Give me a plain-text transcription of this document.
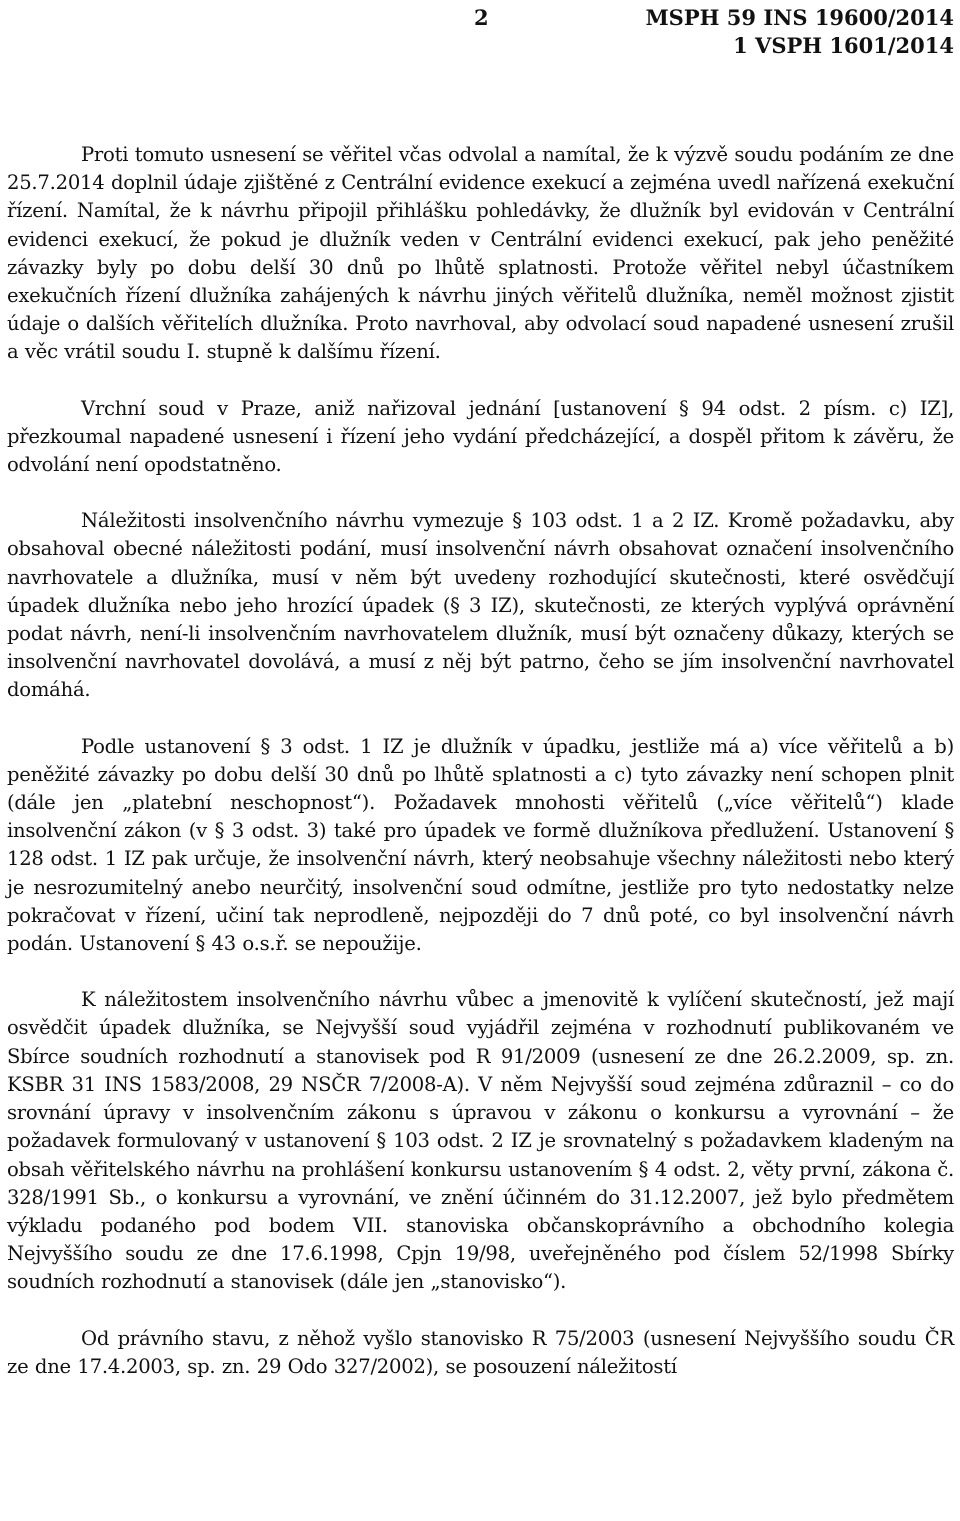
2	MSPH 59 INS 19600/2014
1 VSPH 1601/2014

Proti tomuto usnesení se věřitel včas odvolal a namítal, že k výzvě soudu podáním ze dne 25.7.2014 doplnil údaje zjištěné z Centrální evidence exekucí a zejména uvedl nařízená exekuční řízení. Namítal, že k návrhu připojil přihlášku pohledávky, že dlužník byl evidován v Centrální evidenci exekucí, že pokud je dlužník veden v Centrální evidenci exekucí, pak jeho peněžité závazky byly po dobu delší 30 dnů po lhůtě splatnosti. Protože věřitel nebyl účastníkem exekučních řízení dlužníka zahájených k návrhu jiných věřitelů dlužníka, neměl možnost zjistit údaje o dalších věřitelích dlužníka. Proto navrhoval, aby odvolací soud napadené usnesení zrušil a věc vrátil soudu I. stupně k dalšímu řízení.

Vrchní soud v Praze, aniž nařizoval jednání [ustanovení § 94 odst. 2 písm. c) IZ], přezkoumal napadené usnesení i řízení jeho vydání předcházející, a dospěl přitom k závěru, že odvolání není opodstatněno.

Náležitosti insolvenčního návrhu vymezuje § 103 odst. 1 a 2 IZ. Kromě požadavku, aby obsahoval obecné náležitosti podání, musí insolvenční návrh obsahovat označení insolvenčního navrhovatele a dlužníka, musí v něm být uvedeny rozhodující skutečnosti, které osvědčují úpadek dlužníka nebo jeho hrozící úpadek (§ 3 IZ), skutečnosti, ze kterých vyplývá oprávnění podat návrh, není-li insolvenčním navrhovatelem dlužník, musí být označeny důkazy, kterých se insolvenční navrhovatel dovolává, a musí z něj být patrno, čeho se jím insolvenční navrhovatel domáhá.

Podle ustanovení § 3 odst. 1 IZ je dlužník v úpadku, jestliže má a) více věřitelů a b) peněžité závazky po dobu delší 30 dnů po lhůtě splatnosti a c) tyto závazky není schopen plnit (dále jen „platební neschopnost“). Požadavek mnohosti věřitelů („více věřitelů“) klade insolvenční zákon (v § 3 odst. 3) také pro úpadek ve formě dlužníkova předlužení. Ustanovení § 128 odst. 1 IZ pak určuje, že insolvenční návrh, který neobsahuje všechny náležitosti nebo který je nesrozumitelný anebo neurčitý, insolvenční soud odmítne, jestliže pro tyto nedostatky nelze pokračovat v řízení, učiní tak neprodleně, nejpozději do 7 dnů poté, co byl insolvenční návrh podán. Ustanovení § 43 o.s.ř. se nepoužije.

K náležitostem insolvenčního návrhu vůbec a jmenovitě k vylíčení skutečností, jež mají osvědčit úpadek dlužníka, se Nejvyšší soud vyjádřil zejména v rozhodnutí publikovaném ve Sbírce soudních rozhodnutí a stanovisek pod R 91/2009 (usnesení ze dne 26.2.2009, sp. zn. KSBR 31 INS 1583/2008, 29 NSČR 7/2008-A). V něm Nejvyšší soud zejména zdůraznil – co do srovnání úpravy v insolvenčním zákonu s úpravou v zákonu o konkursu a vyrovnání – že požadavek formulovaný v ustanovení § 103 odst. 2 IZ je srovnatelný s požadavkem kladeným na obsah věřitelského návrhu na prohlášení konkursu ustanovením § 4 odst. 2, věty první, zákona č. 328/1991 Sb., o konkursu a vyrovnání, ve znění účinném do 31.12.2007, jež bylo předmětem výkladu podaného pod bodem VII. stanoviska občanskoprávního a obchodního kolegia Nejvyššího soudu ze dne 17.6.1998, Cpjn 19/98, uveřejněného pod číslem 52/1998 Sbírky soudních rozhodnutí a stanovisek (dále jen „stanovisko“).

Od právního stavu, z něhož vyšlo stanovisko R 75/2003 (usnesení Nejvyššího soudu ČR ze dne 17.4.2003, sp. zn. 29 Odo 327/2002), se posouzení náležitostí
